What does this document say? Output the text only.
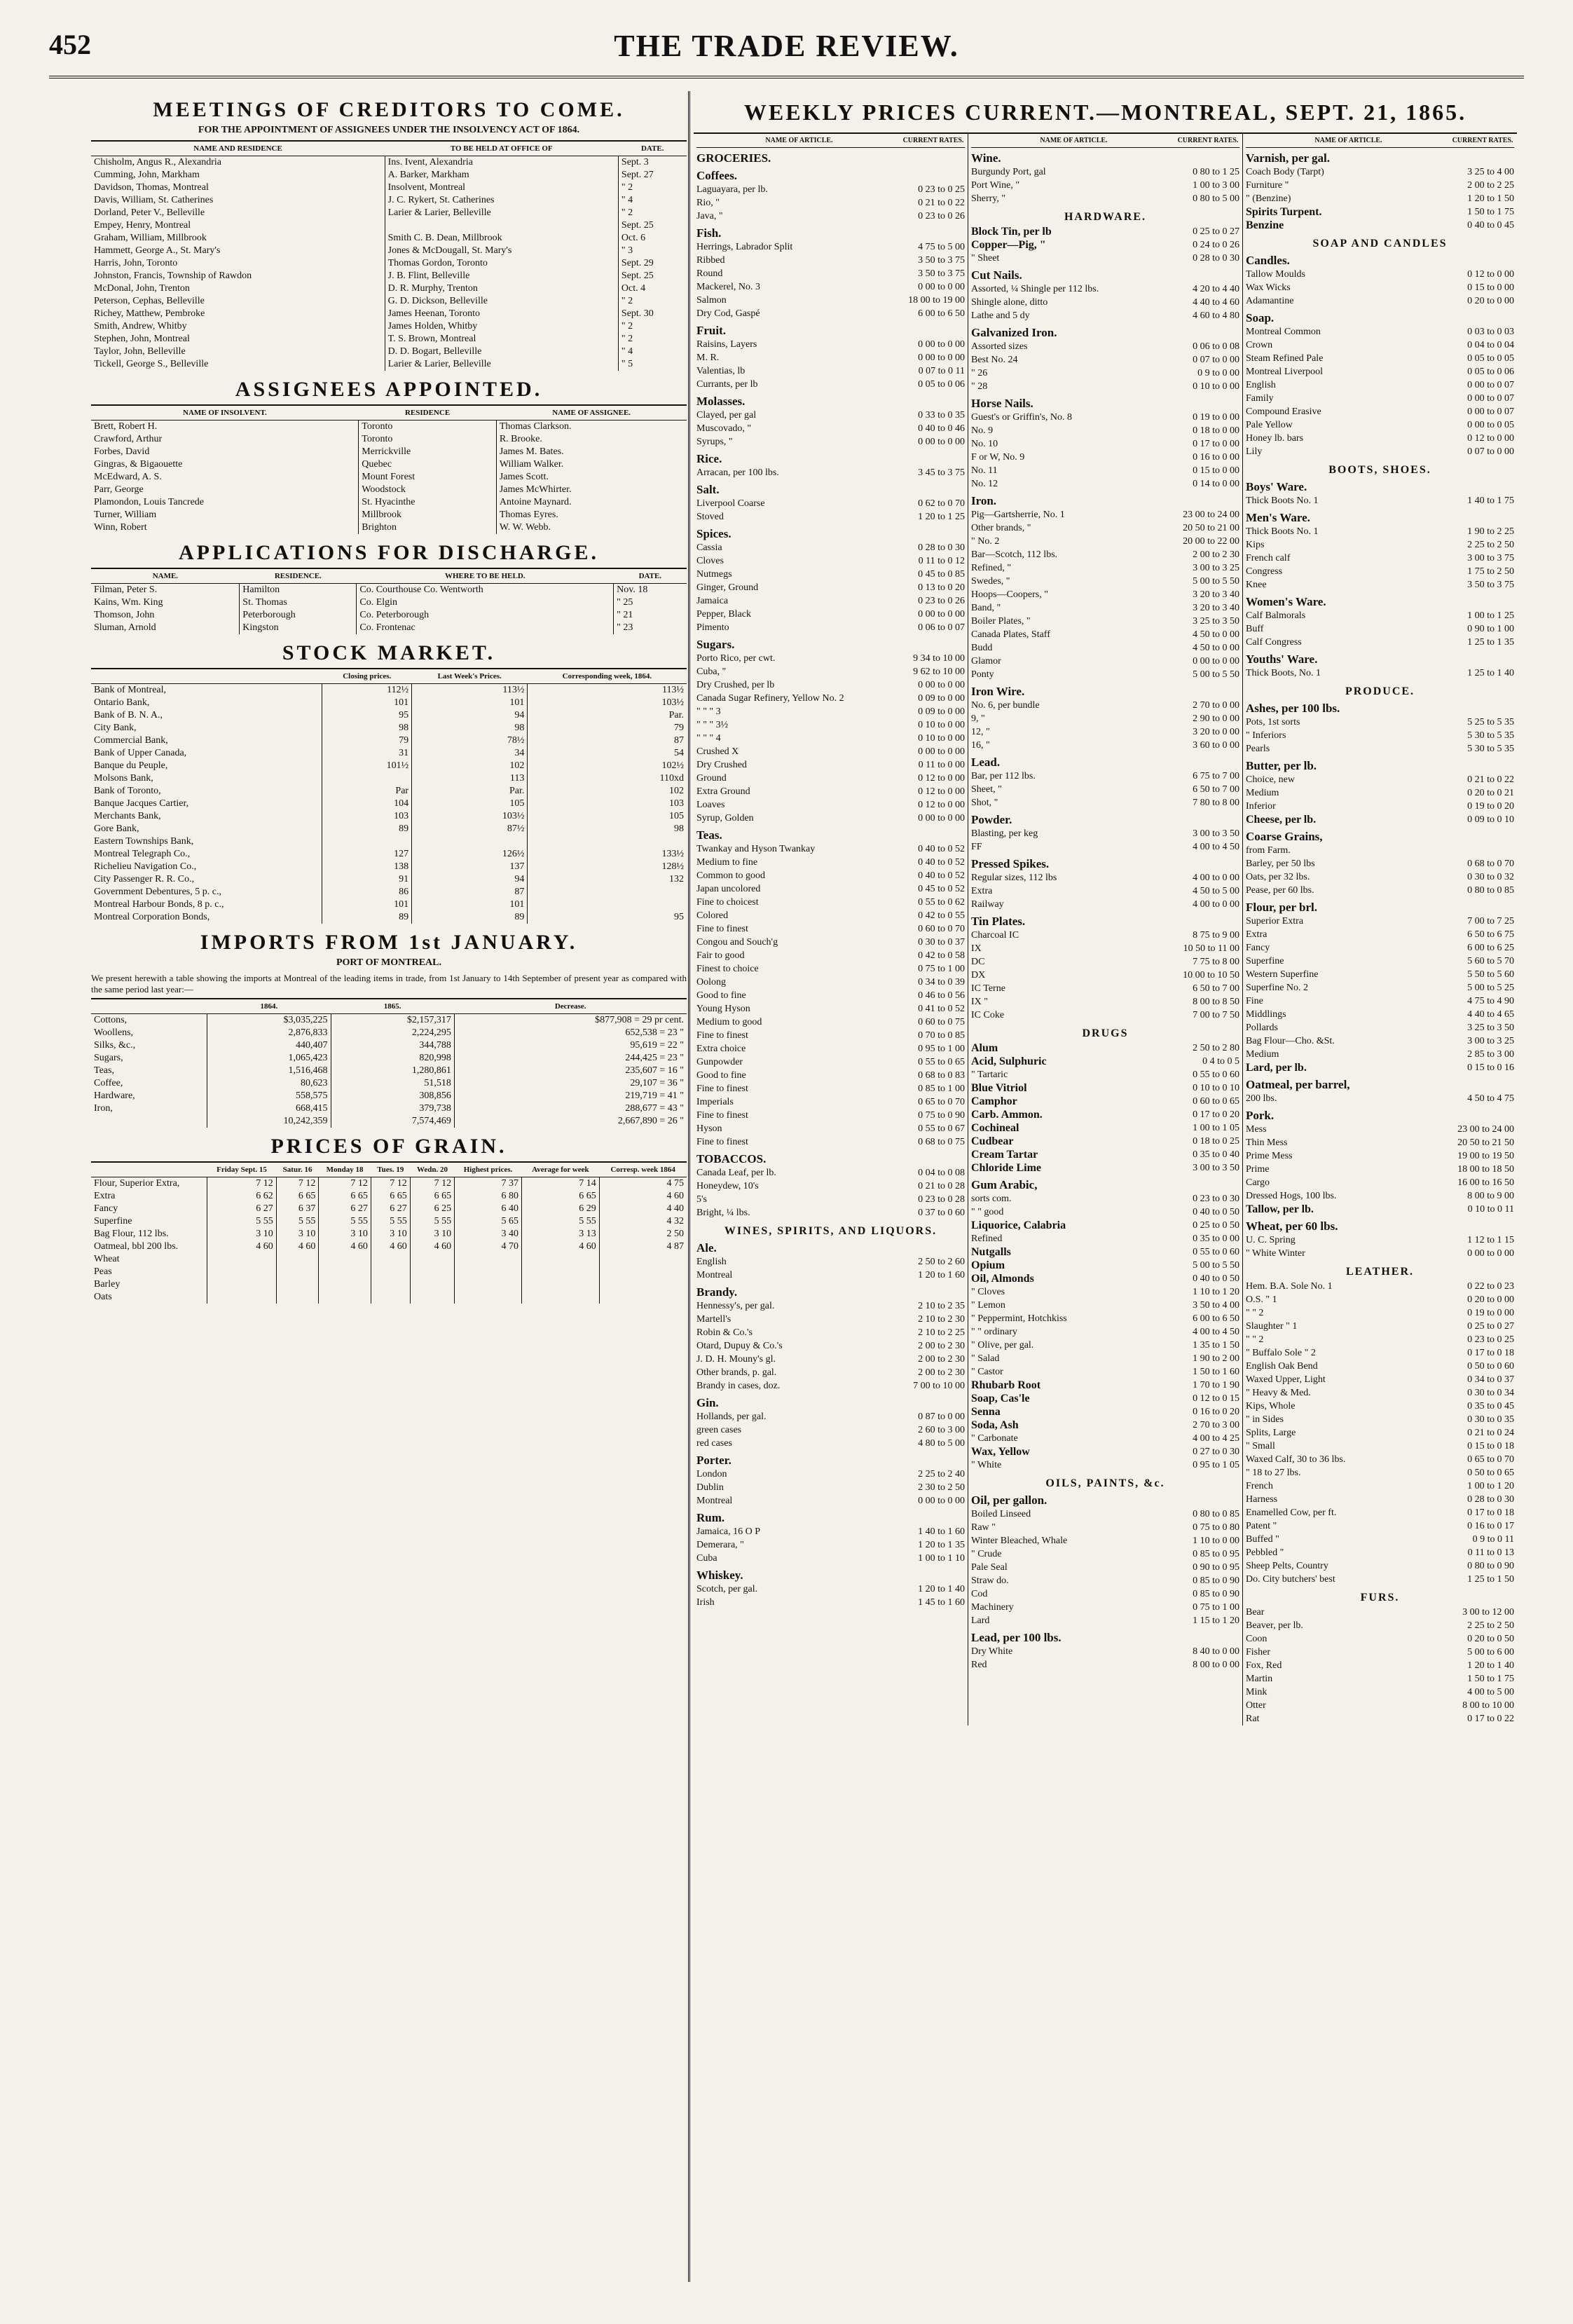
452	THE TRADE REVIEW.
MEETINGS OF CREDITORS TO COME.
FOR THE APPOINTMENT OF ASSIGNEES UNDER THE INSOLVENCY ACT OF 1864.
NAME AND RESIDENCE	TO BE HELD AT OFFICE OF	DATE.
Chisholm, Angus R., Alexandria	Ins. Ivent, Alexandria	Sept. 3
Cumming, John, Markham	A. Barker, Markham	Sept. 27
Davidson, Thomas, Montreal	Insolvent, Montreal	" 2
Davis, William, St. Catherines	J. C. Rykert, St. Catherines	" 4
Dorland, Peter V., Belleville	Larier & Larier, Belleville	" 2
Empey, Henry, Montreal		Sept. 25
Graham, William, Millbrook	Smith C. B. Dean, Millbrook	Oct. 6
Hammett, George A., St. Mary's	Jones & McDougall, St. Mary's	" 3
Harris, John, Toronto	Thomas Gordon, Toronto	Sept. 29
Johnston, Francis, Township of Rawdon	J. B. Flint, Belleville	Sept. 25
McDonal, John, Trenton	D. R. Murphy, Trenton	Oct. 4
Peterson, Cephas, Belleville	G. D. Dickson, Belleville	" 2
Richey, Matthew, Pembroke	James Heenan, Toronto	Sept. 30
Smith, Andrew, Whitby	James Holden, Whitby	" 2
Stephen, John, Montreal	T. S. Brown, Montreal	" 2
Taylor, John, Belleville	D. D. Bogart, Belleville	" 4
Tickell, George S., Belleville	Larier & Larier, Belleville	" 5
ASSIGNEES APPOINTED.
NAME OF INSOLVENT.	RESIDENCE	NAME OF ASSIGNEE.
Brett, Robert H.	Toronto	Thomas Clarkson.
Crawford, Arthur	Toronto	R. Brooke.
Forbes, David	Merrickville	James M. Bates.
Gingras, & Bigaouette	Quebec	William Walker.
McEdward, A. S.	Mount Forest	James Scott.
Parr, George	Woodstock	James McWhirter.
Plamondon, Louis Tancrede	St. Hyacinthe	Antoine Maynard.
Turner, William	Millbrook	Thomas Eyres.
Winn, Robert	Brighton	W. W. Webb.
APPLICATIONS FOR DISCHARGE.
NAME.	RESIDENCE.	WHERE TO BE HELD.	DATE.
Filman, Peter S.	Hamilton	Co. Courthouse Co. Wentworth	Nov. 18
Kains, Wm. King	St. Thomas	Co. Elgin	" 25
Thomson, John	Peterborough	Co. Peterborough	" 21
Sluman, Arnold	Kingston	Co. Frontenac	" 23
STOCK MARKET.
	Closing prices.	Last Week's Prices.	Corresponding week, 1864.
Bank of Montreal,	112½	113½	113½
Ontario Bank,	101	101	103½
Bank of B. N. A.,	95	94	Par.
City Bank,	98	98	79
Commercial Bank,	79	78½	87
Bank of Upper Canada,	31	34	54
Banque du Peuple,	101½	102	102½
Molsons Bank,		113	110xd
Bank of Toronto,	Par	Par.	102
Banque Jacques Cartier,	104	105	103
Merchants Bank,	103	103½	105
Gore Bank,	89	87½	98
Eastern Townships Bank,			
Montreal Telegraph Co.,	127	126½	133½
Richelieu Navigation Co.,	138	137	128½
City Passenger R. R. Co.,	91	94	132
Government Debentures, 5 p. c.,	86	87	
Montreal Harbour Bonds, 8 p. c.,	101	101	
Montreal Corporation Bonds,	89	89	95
IMPORTS FROM 1st JANUARY.
PORT OF MONTREAL.

We present herewith a table showing the imports at Montreal of the leading items in trade, from 1st January to 14th September of present year as compared with the same period last year:—

	1864.	1865.	Decrease.
Cottons,	$3,035,225	$2,157,317	$877,908 = 29 pr cent.
Woollens,	2,876,833	2,224,295	652,538 = 23 "
Silks, &c.,	440,407	344,788	95,619 = 22 "
Sugars,	1,065,423	820,998	244,425 = 23 "
Teas,	1,516,468	1,280,861	235,607 = 16 "
Coffee,	80,623	51,518	29,107 = 36 "
Hardware,	558,575	308,856	219,719 = 41 "
Iron,	668,415	379,738	288,677 = 43 "
	10,242,359	7,574,469	2,667,890 = 26 "
PRICES OF GRAIN.
	Friday Sept. 15	Satur. 16	Monday 18	Tues. 19	Wedn. 20	Highest prices.	Average for week	Corresp. week 1864
Flour, Superior Extra,	7 12	7 12	7 12	7 12	7 12	7 37	7 14	4 75
Extra	6 62	6 65	6 65	6 65	6 65	6 80	6 65	4 60
Fancy	6 27	6 37	6 27	6 27	6 25	6 40	6 29	4 40
Superfine	5 55	5 55	5 55	5 55	5 55	5 65	5 55	4 32
Bag Flour, 112 lbs.	3 10	3 10	3 10	3 10	3 10	3 40	3 13	2 50
Oatmeal, bbl 200 lbs.	4 60	4 60	4 60	4 60	4 60	4 70	4 60	4 87
Wheat								
Peas								
Barley								
Oats								
WEEKLY PRICES CURRENT.—MONTREAL, SEPT. 21, 1865.
NAME OF ARTICLE.	CURRENT RATES.
GROCERIES.
Coffees.
Laguayara, per lb.	0 23 to 0 25
Rio, "	0 21 to 0 22
Java, "	0 23 to 0 26
Fish.
Herrings, Labrador Split	4 75 to 5 00
Ribbed	3 50 to 3 75
Round	3 50 to 3 75
Mackerel, No. 3	0 00 to 0 00
Salmon	18 00 to 19 00
Dry Cod, Gaspé	6 00 to 6 50
Fruit.
Raisins, Layers	0 00 to 0 00
M. R.	0 00 to 0 00
Valentias, lb	0 07 to 0 11
Currants, per lb	0 05 to 0 06
Molasses.
Clayed, per gal	0 33 to 0 35
Muscovado, "	0 40 to 0 46
Syrups, "	0 00 to 0 00
Rice.
Arracan, per 100 lbs.	3 45 to 3 75
Salt.
Liverpool Coarse	0 62 to 0 70
Stoved	1 20 to 1 25
Spices.
Cassia	0 28 to 0 30
Cloves	0 11 to 0 12
Nutmegs	0 45 to 0 85
Ginger, Ground	0 13 to 0 20
Jamaica	0 23 to 0 26
Pepper, Black	0 00 to 0 00
Pimento	0 06 to 0 07
Sugars.
Porto Rico, per cwt.	9 34 to 10 00
Cuba, "	9 62 to 10 00
Dry Crushed, per lb	0 00 to 0 00
Canada Sugar Refinery, Yellow No. 2	0 09 to 0 00
" " " 3	0 09 to 0 00
" " " 3½	0 10 to 0 00
" " " 4	0 10 to 0 00
Crushed X	0 00 to 0 00
Dry Crushed	0 11 to 0 00
Ground	0 12 to 0 00
Extra Ground	0 12 to 0 00
Loaves	0 12 to 0 00
Syrup, Golden	0 00 to 0 00
Teas.
Twankay and Hyson Twankay	0 40 to 0 52
Medium to fine	0 40 to 0 52
Common to good	0 40 to 0 52
Japan uncolored	0 45 to 0 52
Fine to choicest	0 55 to 0 62
Colored	0 42 to 0 55
Fine to finest	0 60 to 0 70
Congou and Souch'g	0 30 to 0 37
Fair to good	0 42 to 0 58
Finest to choice	0 75 to 1 00
Oolong	0 34 to 0 39
Good to fine	0 46 to 0 56
Young Hyson	0 41 to 0 52
Medium to good	0 60 to 0 75
Fine to finest	0 70 to 0 85
Extra choice	0 95 to 1 00
Gunpowder	0 55 to 0 65
Good to fine	0 68 to 0 83
Fine to finest	0 85 to 1 00
Imperials	0 65 to 0 70
Fine to finest	0 75 to 0 90
Hyson	0 55 to 0 67
Fine to finest	0 68 to 0 75
TOBACCOS.
Canada Leaf, per lb.	0 04 to 0 08
Honeydew, 10's	0 21 to 0 28
5's	0 23 to 0 28
Bright, ¼ lbs.	0 37 to 0 60
WINES, SPIRITS, AND LIQUORS.
Ale.
English	2 50 to 2 60
Montreal	1 20 to 1 60
Brandy.
Hennessy's, per gal.	2 10 to 2 35
Martell's	2 10 to 2 30
Robin & Co.'s	2 10 to 2 25
Otard, Dupuy & Co.'s	2 00 to 2 30
J. D. H. Mouny's gl.	2 00 to 2 30
Other brands, p. gal.	2 00 to 2 30
Brandy in cases, doz.	7 00 to 10 00
Gin.
Hollands, per gal.	0 87 to 0 00
green cases	2 60 to 3 00
red cases	4 80 to 5 00
Porter.
London	2 25 to 2 40
Dublin	2 30 to 2 50
Montreal	0 00 to 0 00
Rum.
Jamaica, 16 O P	1 40 to 1 60
Demerara, "	1 20 to 1 35
Cuba	1 00 to 1 10
Whiskey.
Scotch, per gal.	1 20 to 1 40
Irish	1 45 to 1 60
NAME OF ARTICLE.	CURRENT RATES.
Wine.
Burgundy Port, gal	0 80 to 1 25
Port Wine, "	1 00 to 3 00
Sherry, "	0 80 to 5 00
HARDWARE.
Block Tin, per lb	0 25 to 0 27
Copper—Pig, "	0 24 to 0 26
" Sheet	0 28 to 0 30
Cut Nails.
Assorted, ¼ Shingle per 112 lbs.	4 20 to 4 40
Shingle alone, ditto	4 40 to 4 60
Lathe and 5 dy	4 60 to 4 80
Galvanized Iron.
Assorted sizes	0 06 to 0 08
Best No. 24	0 07 to 0 00
" 26	0 9 to 0 00
" 28	0 10 to 0 00
Horse Nails.
Guest's or Griffin's, No. 8	0 19 to 0 00
No. 9	0 18 to 0 00
No. 10	0 17 to 0 00
F or W, No. 9	0 16 to 0 00
No. 11	0 15 to 0 00
No. 12	0 14 to 0 00
Iron.
Pig—Gartsherrie, No. 1	23 00 to 24 00
Other brands, "	20 50 to 21 00
" No. 2	20 00 to 22 00
Bar—Scotch, 112 lbs.	2 00 to 2 30
Refined, "	3 00 to 3 25
Swedes, "	5 00 to 5 50
Hoops—Coopers, "	3 20 to 3 40
Band, "	3 20 to 3 40
Boiler Plates, "	3 25 to 3 50
Canada Plates, Staff	4 50 to 0 00
Budd	4 50 to 0 00
Glamor	0 00 to 0 00
Ponty	5 00 to 5 50
Iron Wire.
No. 6, per bundle	2 70 to 0 00
9, "	2 90 to 0 00
12, "	3 20 to 0 00
16, "	3 60 to 0 00
Lead.
Bar, per 112 lbs.	6 75 to 7 00
Sheet, "	6 50 to 7 00
Shot, "	7 80 to 8 00
Powder.
Blasting, per keg	3 00 to 3 50
FF	4 00 to 4 50
Pressed Spikes.
Regular sizes, 112 lbs	4 00 to 0 00
Extra	4 50 to 5 00
Railway	4 00 to 0 00
Tin Plates.
Charcoal IC	8 75 to 9 00
IX	10 50 to 11 00
DC	7 75 to 8 00
DX	10 00 to 10 50
IC Terne	6 50 to 7 00
IX "	8 00 to 8 50
IC Coke	7 00 to 7 50
DRUGS
Alum	2 50 to 2 80
Acid, Sulphuric	0 4 to 0 5
" Tartaric	0 55 to 0 60
Blue Vitriol	0 10 to 0 10
Camphor	0 60 to 0 65
Carb. Ammon.	0 17 to 0 20
Cochineal	1 00 to 1 05
Cudbear	0 18 to 0 25
Cream Tartar	0 35 to 0 40
Chloride Lime	3 00 to 3 50
Gum Arabic,
sorts com.	0 23 to 0 30
" " good	0 40 to 0 50
Liquorice, Calabria	0 25 to 0 50
Refined	0 35 to 0 00
Nutgalls	0 55 to 0 60
Opium	5 00 to 5 50
Oil, Almonds	0 40 to 0 50
" Cloves	1 10 to 1 20
" Lemon	3 50 to 4 00
" Peppermint, Hotchkiss	6 00 to 6 50
" " ordinary	4 00 to 4 50
" Olive, per gal.	1 35 to 1 50
" Salad	1 90 to 2 00
" Castor	1 50 to 1 60
Rhubarb Root	1 70 to 1 90
Soap, Cas'le	0 12 to 0 15
Senna	0 16 to 0 20
Soda, Ash	2 70 to 3 00
" Carbonate	4 00 to 4 25
Wax, Yellow	0 27 to 0 30
" White	0 95 to 1 05
OILS, PAINTS, &c.
Oil, per gallon.
Boiled Linseed	0 80 to 0 85
Raw "	0 75 to 0 80
Winter Bleached, Whale	1 10 to 0 00
" Crude	0 85 to 0 95
Pale Seal	0 90 to 0 95
Straw do.	0 85 to 0 90
Cod	0 85 to 0 90
Machinery	0 75 to 1 00
Lard	1 15 to 1 20
Lead, per 100 lbs.
Dry White	8 40 to 0 00
Red	8 00 to 0 00
NAME OF ARTICLE.	CURRENT RATES.
Varnish, per gal.
Coach Body (Tarpt)	3 25 to 4 00
Furniture "	2 00 to 2 25
" (Benzine)	1 20 to 1 50
Spirits Turpent.	1 50 to 1 75
Benzine	0 40 to 0 45
SOAP AND CANDLES
Candles.
Tallow Moulds	0 12 to 0 00
Wax Wicks	0 15 to 0 00
Adamantine	0 20 to 0 00
Soap.
Montreal Common	0 03 to 0 03
Crown	0 04 to 0 04
Steam Refined Pale	0 05 to 0 05
Montreal Liverpool	0 05 to 0 06
English	0 00 to 0 07
Family	0 00 to 0 07
Compound Erasive	0 00 to 0 07
Pale Yellow	0 00 to 0 05
Honey lb. bars	0 12 to 0 00
Lily	0 07 to 0 00
BOOTS, SHOES.
Boys' Ware.
Thick Boots No. 1	1 40 to 1 75
Men's Ware.
Thick Boots No. 1	1 90 to 2 25
Kips	2 25 to 2 50
French calf	3 00 to 3 75
Congress	1 75 to 2 50
Knee	3 50 to 3 75
Women's Ware.
Calf Balmorals	1 00 to 1 25
Buff	0 90 to 1 00
Calf Congress	1 25 to 1 35
Youths' Ware.
Thick Boots, No. 1	1 25 to 1 40
PRODUCE.
Ashes, per 100 lbs.
Pots, 1st sorts	5 25 to 5 35
" Inferiors	5 30 to 5 35
Pearls	5 30 to 5 35
Butter, per lb.
Choice, new	0 21 to 0 22
Medium	0 20 to 0 21
Inferior	0 19 to 0 20
Cheese, per lb.	0 09 to 0 10
Coarse Grains,
from Farm.
Barley, per 50 lbs	0 68 to 0 70
Oats, per 32 lbs.	0 30 to 0 32
Pease, per 60 lbs.	0 80 to 0 85
Flour, per brl.
Superior Extra	7 00 to 7 25
Extra	6 50 to 6 75
Fancy	6 00 to 6 25
Superfine	5 60 to 5 70
Western Superfine	5 50 to 5 60
Superfine No. 2	5 00 to 5 25
Fine	4 75 to 4 90
Middlings	4 40 to 4 65
Pollards	3 25 to 3 50
Bag Flour—Cho. &St.	3 00 to 3 25
Medium	2 85 to 3 00
Lard, per lb.	0 15 to 0 16
Oatmeal, per barrel,
200 lbs.	4 50 to 4 75
Pork.
Mess	23 00 to 24 00
Thin Mess	20 50 to 21 50
Prime Mess	19 00 to 19 50
Prime	18 00 to 18 50
Cargo	16 00 to 16 50
Dressed Hogs, 100 lbs.	8 00 to 9 00
Tallow, per lb.	0 10 to 0 11
Wheat, per 60 lbs.
U. C. Spring	1 12 to 1 15
" White Winter	0 00 to 0 00
LEATHER.
Hem. B.A. Sole No. 1	0 22 to 0 23
O.S. " 1	0 20 to 0 00
" " 2	0 19 to 0 00
Slaughter " 1	0 25 to 0 27
" " 2	0 23 to 0 25
" Buffalo Sole " 2	0 17 to 0 18
English Oak Bend	0 50 to 0 60
Waxed Upper, Light	0 34 to 0 37
" Heavy & Med.	0 30 to 0 34
Kips, Whole	0 35 to 0 45
" in Sides	0 30 to 0 35
Splits, Large	0 21 to 0 24
" Small	0 15 to 0 18
Waxed Calf, 30 to 36 lbs.	0 65 to 0 70
" 18 to 27 lbs.	0 50 to 0 65
French	1 00 to 1 20
Harness	0 28 to 0 30
Enamelled Cow, per ft.	0 17 to 0 18
Patent "	0 16 to 0 17
Buffed "	0 9 to 0 11
Pebbled "	0 11 to 0 13
Sheep Pelts, Country	0 80 to 0 90
Do. City butchers' best	1 25 to 1 50
FURS.
Bear	3 00 to 12 00
Beaver, per lb.	2 25 to 2 50
Coon	0 20 to 0 50
Fisher	5 00 to 6 00
Fox, Red	1 20 to 1 40
Martin	1 50 to 1 75
Mink	4 00 to 5 00
Otter	8 00 to 10 00
Rat	0 17 to 0 22
